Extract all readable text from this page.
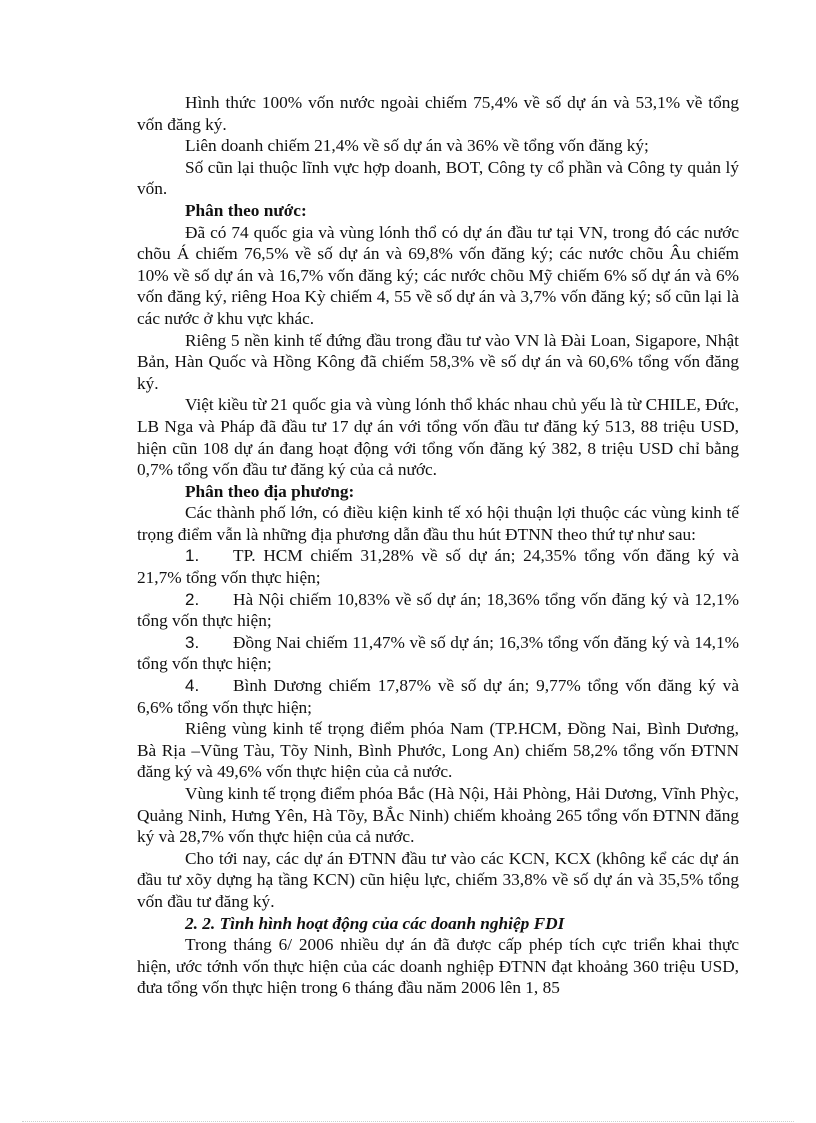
Hình thức 100% vốn nước ngoài chiếm 75,4% về số dự án và 53,1% về tổng vốn đăng ký.

Liên doanh chiếm 21,4% về số dự án và 36% về tổng vốn đăng ký;

Số cũn lại thuộc lĩnh vực hợp doanh, BOT, Công ty cổ phần và Công ty quản lý vốn.

Phân theo nước:

Đã có 74 quốc gia và vùng lónh thổ có dự án đầu tư tại VN, trong đó các nước chõu Á chiếm 76,5% về số dự án và 69,8% vốn đăng ký; các nước chõu Âu chiếm 10% về số dự án và 16,7% vốn đăng ký; các nước chõu Mỹ chiếm 6% số dự án và 6% vốn đăng ký, riêng Hoa Kỳ chiếm 4, 55 về số dự án và 3,7% vốn đăng ký; số cũn lại là các nước ở khu vực khác.

Riêng 5 nền kinh tế đứng đầu trong đầu tư vào VN là Đài Loan, Sigapore, Nhật Bản, Hàn Quốc và Hồng Kông đã chiếm 58,3% về số dự án và 60,6% tổng vốn đăng ký.

Việt kiều từ 21 quốc gia và vùng lónh thổ khác nhau chủ yếu là từ CHILE, Đức, LB Nga và Pháp đã đầu tư 17 dự án với tổng vốn đầu tư đăng ký 513, 88 triệu USD, hiện cũn 108 dự án đang hoạt động với tổng vốn đăng ký 382, 8 triệu USD chỉ bằng 0,7% tổng vốn đầu tư đăng ký của cả nước.

Phân theo địa phương:

Các thành phố lớn, có điều kiện kinh tế xó hội thuận lợi thuộc các vùng kinh tế trọng điểm vẫn là những địa phương dẫn đầu thu hút ĐTNN theo thứ tự như sau:

1. TP. HCM chiếm 31,28% về số dự án; 24,35% tổng vốn đăng ký và 21,7% tổng vốn thực hiện;

2. Hà Nội chiếm 10,83% về số dự án; 18,36% tổng vốn đăng ký và 12,1% tổng vốn thực hiện;

3. Đồng Nai chiếm 11,47% về số dự án; 16,3% tổng vốn đăng ký và 14,1% tổng vốn thực hiện;

4. Bình Dương chiếm 17,87% về số dự án; 9,77% tổng vốn đăng ký và 6,6% tổng vốn thực hiện;

Riêng vùng kinh tế trọng điểm phóa Nam (TP.HCM, Đồng Nai, Bình Dương, Bà Rịa –Vũng Tàu, Tõy Ninh, Bình Phước, Long An) chiếm 58,2% tổng vốn ĐTNN đăng ký và 49,6% vốn thực hiện của cả nước.

Vùng kinh tế trọng điểm phóa Bắc (Hà Nội, Hải Phòng, Hải Dương, Vĩnh Phỳc, Quảng Ninh, Hưng Yên, Hà Tõy, BẮc Ninh) chiếm khoảng 265 tổng vốn ĐTNN đăng ký và 28,7% vốn thực hiện của cả nước.

Cho tới nay, các dự án ĐTNN đầu tư vào các KCN, KCX (không kể các dự án đầu tư xõy dựng hạ tầng KCN) cũn hiệu lực, chiếm 33,8% về số dự án và 35,5% tổng vốn đầu tư đăng ký.

2. 2. Tình hình hoạt động của các doanh nghiệp FDI

Trong tháng 6/ 2006 nhiều dự án đã được cấp phép tích cực triển khai thực hiện, ước tớnh vốn thực hiện của các doanh nghiệp ĐTNN đạt khoảng 360 triệu USD, đưa tổng vốn thực hiện trong 6 tháng đầu năm 2006 lên 1, 85
